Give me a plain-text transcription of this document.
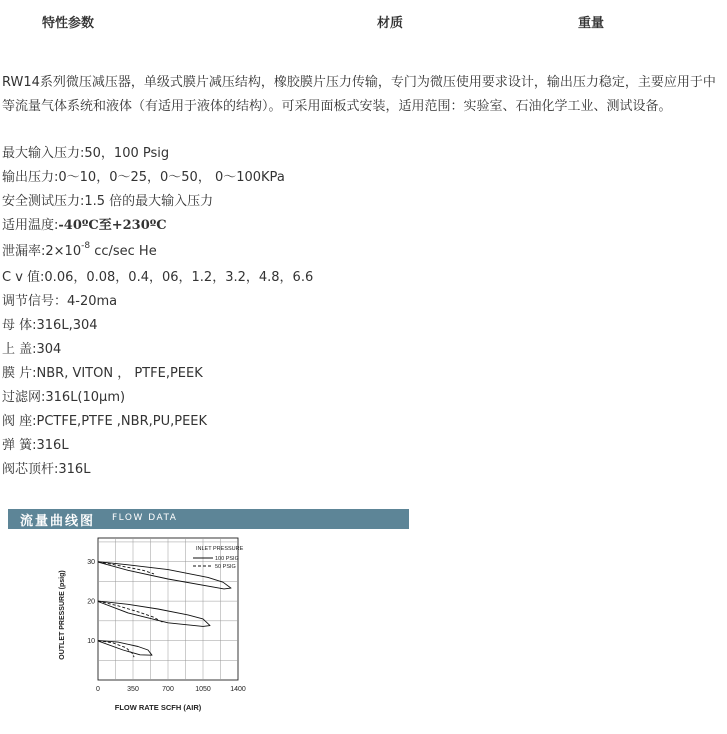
特性参数	材质	重量
RW14系列微压减压器，单级式膜片减压结构，橡胶膜片压力传输，专门为微压使用要求设计，输出压力稳定，主要应用于中等流量气体系统和液体（有适用于液体的结构）。可采用面板式安装，适用范围：实验室、石油化学工业、测试设备。
最大输入压力:50，100 Psig
输出压力:0～10，0～25，0～50， 0～100KPa
安全测试压力:1.5 倍的最大输入压力
适用温度:-40ºC至+230ºC
泄漏率$:2\times 10^{-8}$ cc/sec He
C v 值:0.06，0.08，0.4，06，1.2，3.2，4.8，6.6
调节信号：4-20ma
母 体:316L,304
上 盖:304
膜 片:NBR, VITON ， PTFE,PEEK
过滤网:316L(10μm)
阀 座:PCTFE,PTFE ,NBR,PU,PEEK
弹 簧:316L
阀芯顶杆:316L
流量曲线图 FLOW DATA
0	350	700	1050	1400
10
20
30
OUTLET PRESSURE (psig)
FLOW RATE SCFH (AIR)
INLET PRESSURE
100 PSIG
50 PSIG
